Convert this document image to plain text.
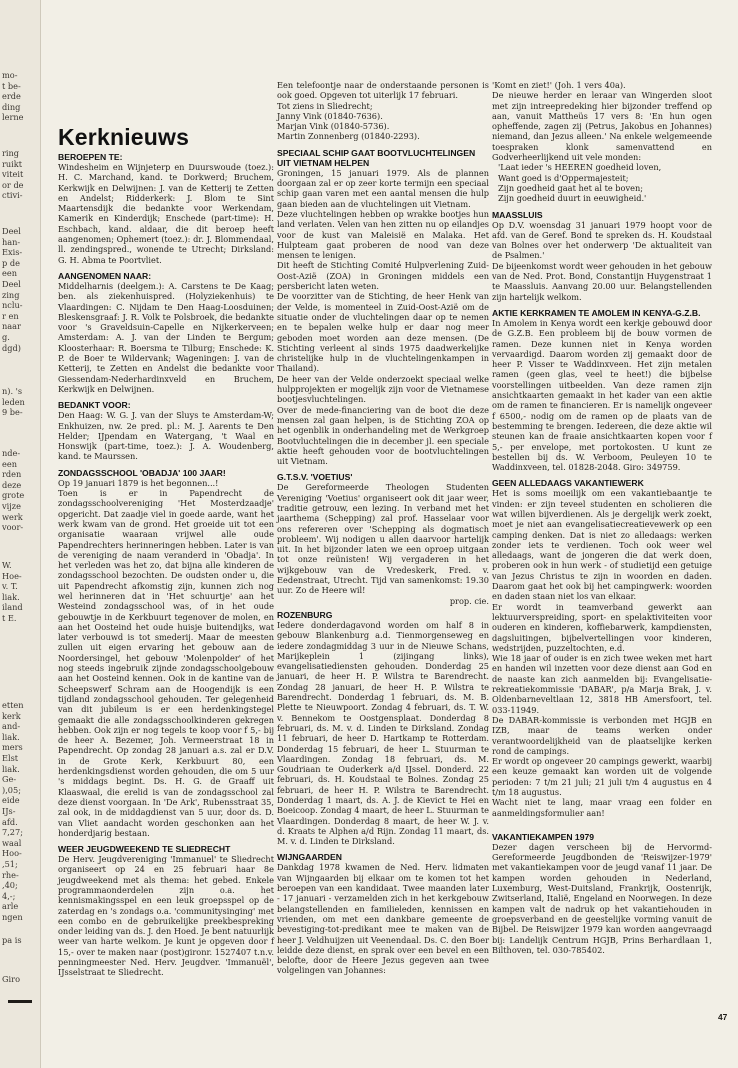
mo-
t be-
erde
ding
lerne
ring
ruikt
viteit
or de
ctivi-
Deel
han-
Exis-
p de
een
Deel
zing
nclu-
r en
naar
g.
dgd)
n). 's
leden
9 be-
nde-
een
rden
deze
grote
vijze
werk
voor-
W.
Hoe-
v. T.
liak.
iland
t E.
etten
kerk
and-
liak.
mers
Elst
liak.
Ge-
),05;
eide
IJs-
afd.
7,27;
waal
Hoo-
,51;
rhe-
,40;
4,-;
arle
ngen
pa is
Giro
Kerknieuws
BEROEPEN TE:

Windesheim en Wijnjeterp en Duurswoude (toez.): H. C. Marchand, kand. te Dorkwerd; Bruchem, Kerkwijk en Delwijnen: J. van de Ketterij te Zetten en Andelst; Ridderkerk: J. Blom te Sint Maartensdijk die bedankte voor Werkendam, Kamerik en Kinderdijk; Enschede (part-time): H. Eschbach, kand. aldaar, die dit beroep heeft aangenomen; Ophemert (toez.): dr. J. Blommendaal, ll. zendingspred., wonende te Utrecht; Dirksland: G. H. Abma te Poortvliet.

AANGENOMEN NAAR:

Middelharnis (deelgem.): A. Carstens te De Kaag; ben. als ziekenhuispred. (Holyziekenhuis) te Vlaardingen: C. Nijdam te Den Haag-Loosduinen; Bleskensgraaf: J. R. Volk te Polsbroek, die bedankte voor 's Graveldsuin-Capelle en Nijkerkerveen; Amsterdam: A. J. van der Linden te Bergum; Kloosterhaar: R. Boersma te Tilburg; Enschede: K. P. de Boer te Wildervank; Wageningen: J. van de Ketterij, te Zetten en Andelst die bedankte voor Giessendam-Nederhardinxveld en Bruchem, Kerkwijk en Delwijnen.

BEDANKT VOOR:

Den Haag: W. G. J. van der Sluys te Amsterdam-W; Enkhuizen, nw. 2e pred. pl.: M. J. Aarents te Den Helder; IJpendam en Watergang, 't Waal en Honswijk (part-time, toez.): J. A. Woudenberg, kand. te Maurssen.

ZONDAGSSCHOOL 'OBADJA' 100 JAAR!

Op 19 januari 1879 is het begonnen...!

Toen is er in Papendrecht de zondagsschoolvereniging 'Het Mosterdzaadje' opgericht. Dat zaadje viel in goede aarde, want het werk kwam van de grond. Het groeide uit tot een organisatie waaraan vrijwel alle oude Papendrechters herinneringen hebben. Later is van de vereniging de naam veranderd in 'Obadja'. In het verleden was het zo, dat bijna alle kinderen de zondagsschool bezochten. De oudsten onder u, die uit Papendrecht afkomstig zijn, kunnen zich nog wel herinneren dat in 'Het schuurtje' aan het Westeind zondagsschool was, of in het oude gebouwtje in de Kerkbuurt tegenover de molen, en aan het Oosteind het oude huisje buitendijks, wat later verbouwd is tot smederij. Maar de meesten zullen uit eigen ervaring het gebouw aan de Noordersingel, het gebouw 'Molenpolder' of het nog steeds ingebruik zijnde zondagsschoolgebouw aan het Oosteind kennen. Ook in de kantine van de Scheepswerf Schram aan de Hoogendijk is een tijdland zondagsschool gehouden. Ter gelegenheid van dit jubileum is er een herdenkingstegel gemaakt die alle zondagsschoolkinderen gekregen hebben. Ook zijn er nog tegels te koop voor f 5,- bij de heer A. Bezemer, Joh. Vermeerstraat 18 in Papendrecht. Op zondag 28 januari a.s. zal er D.V. in de Grote Kerk, Kerkbuurt 80, een herdenkingsdienst worden gehouden, die om 5 uur 's middags begint. Ds. H. G. de Graaff uit Klaaswaal, die erelid is van de zondagsschool zal deze dienst voorgaan. In 'De Ark', Rubensstraat 35, zal ook, in de middagdienst van 5 uur, door ds. D. van Vliet aandacht worden geschonken aan het honderdjarig bestaan.

WEER JEUGDWEEKEND TE SLIEDRECHT

De Herv. Jeugdvereniging 'Immanuel' te Sliedrecht organiseert op 24 en 25 februari haar 8e jeugdweekend met als thema: het gebed. Enkele programmaonderdelen zijn o.a. het kennismakingsspel en een leuk groepsspel op de zaterdag en 's zondags o.a. 'communitysinging' met een combo en de gebruikelijke preekbespreking onder leiding van ds. J. den Hoed. Je bent natuurlijk weer van harte welkom. Je kunt je opgeven door f 15,- over te maken naar (post)gironr. 1527407 t.n.v. penningmeester Ned. Herv. Jeugdver. 'Immanuël', IJsselstraat te Sliedrecht.

Een telefoontje naar de onderstaande personen is ook goed. Opgeven tot uiterlijk 17 februari.

Tot ziens in Sliedrecht;

Janny Vink (01840-7636).

Marjan Vink (01840-5736).

Martin Zonnenberg (01840-2293).

SPECIAAL SCHIP GAAT BOOTVLUCHTELINGEN UIT VIETNAM HELPEN

Groningen, 15 januari 1979. Als de plannen doorgaan zal er op zeer korte termijn een speciaal schip gaan varen met een aantal mensen die hulp gaan bieden aan de vluchtelingen uit Vietnam.

Deze vluchtelingen hebben op wrakke bootjes hun land verlaten. Velen van hen zitten nu op eilandjes voor de kust van Maleisië en Malaka. Het Hulpteam gaat proberen de nood van deze mensen te lenigen.

Dit heeft de Stichting Comité Hulpverlening Zuid-Oost-Azië (ZOA) in Groningen middels een persbericht laten weten.

De voorzitter van de Stichting, de heer Henk van der Velde, is momenteel in Zuid-Oost-Azië om de situatie onder de vluchtelingen daar op te nemen en te bepalen welke hulp er daar nog meer geboden moet worden aan deze mensen. (De Stichting verleent al sinds 1975 daadwerkelijke christelijke hulp in de vluchtelingenkampen in Thailand).

De heer van der Velde onderzoekt speciaal welke hulpprojekten er mogelijk zijn voor de Vietnamese bootjesvluchtelingen.

Over de mede-financiering van de boot die deze mensen zal gaan helpen, is de Stichting ZOA op het ogenblik in onderhandeling met de Werkgroep Bootvluchtelingen die in december jl. een speciale aktie heeft gehouden voor de bootvluchtelingen uit Vietnam.

G.T.S.V. 'VOETIUS'

De Gereformeerde Theologen Studenten Vereniging 'Voetius' organiseert ook dit jaar weer, traditie getrouw, een lezing. In verband met het jaarthema (Schepping) zal prof. Hasselaar voor ons refereren over 'Schepping als dogmatisch probleem'. Wij nodigen u allen daarvoor hartelijk uit. In het bijzonder laten we een oproep uitgaan tot onze reünisten! Wij vergaderen in het wijkgebouw van de Vredeskerk, Fred. v. Eedenstraat, Utrecht. Tijd van samenkomst: 19.30 uur. Zo de Heere wil!

prop. cie.

ROZENBURG

Iedere donderdagavond worden om half 8 in gebouw Blankenburg a.d. Tienmorgenseweg en iedere zondagmiddag 3 uur in de Nieuwe Schans, Marijkeplein 1 (zijingang links), evangelisatiediensten gehouden. Donderdag 25 januari, de heer H. P. Wilstra te Barendrecht. Zondag 28 januari, de heer H. P. Wilstra te Barendrecht. Donderdag 1 februari, ds. M. B. Plette te Nieuwpoort. Zondag 4 februari, ds. T. W. v. Bennekom te Oostgensplaat. Donderdag 8 februari, ds. M. v. d. Linden te Dirksland. Zondag 11 februari, de heer D. Hartkamp te Rotterdam. Donderdag 15 februari, de heer L. Stuurman te Vlaardingen. Zondag 18 februari, ds. M. Goudriaan te Ouderkerk a/d IJssel. Donderd. 22 februari, ds. H. Koudstaal te Bolnes. Zondag 25 februari, de heer H. P. Wilstra te Barendrecht. Donderdag 1 maart, ds. A. J. de Kievict te Hei en Boeicoop. Zondag 4 maart, de heer L. Stuurman te Vlaardingen. Donderdag 8 maart, de heer W. J. v. d. Kraats te Alphen a/d Rijn. Zondag 11 maart, ds. M. v. d. Linden te Dirksland.

WIJNGAARDEN

Dankdag 1978 kwamen de Ned. Herv. lidmaten van Wijngaarden bij elkaar om te komen tot het beroepen van een kandidaat. Twee maanden later - 17 januari - verzamelden zich in het kerkgebouw belangstellenden en familieleden, kennissen en vrienden, om met een dankbare gemeente de bevestiging-tot-predikant mee te maken van de heer J. Veldhuijzen uit Veenendaal. Ds. C. den Boer leidde deze dienst, en sprak over een bevel en een belofte, door de Heere Jezus gegeven aan twee volgelingen van Johannes:

'Komt en ziet!' (Joh. 1 vers 40a).

De nieuwe herder en leraar van Wingerden sloot met zijn intreepredeking hier bijzonder treffend op aan, vanuit Mattheüs 17 vers 8: 'En hun ogen opheffende, zagen zij (Petrus, Jakobus en Johannes) niemand, dan Jezus alleen.' Na enkele welgemeende toespraken klonk samenvattend en Godverheerlijkend uit vele monden:

'Laat ieder 's HEEREN goedheid loven,

Want goed is d'Oppermajesteit;

Zijn goedheid gaat het al te boven;

Zijn goedheid duurt in eeuwigheid.'

MAASSLUIS

Op D.V. woensdag 31 januari 1979 hoopt voor de afd. van de Geref. Bond te spreken ds. H. Koudstaal van Bolnes over het onderwerp 'De aktualiteit van de Psalmen.'

De bijeenkomst wordt weer gehouden in het gebouw van de Ned. Prot. Bond, Constantijn Huygenstraat 1 te Maassluis. Aanvang 20.00 uur. Belangstellenden zijn hartelijk welkom.

AKTIE KERKRAMEN TE AMOLEM IN KENYA-G.Z.B.

In Amolem in Kenya wordt een kerkje gebouwd door de G.Z.B. Een probleem bij de bouw vormen de ramen. Deze kunnen niet in Kenya worden vervaardigd. Daarom worden zij gemaakt door de heer P. Visser te Waddinxveen. Het zijn metalen ramen (geen glas, veel te heet!) die bijbelse voorstellingen uitbeelden. Van deze ramen zijn ansichtkaarten gemaakt in het kader van een aktie om de ramen te financieren. Er is namelijk ongeveer f 6500,- nodig om de ramen op de plaats van de bestemming te brengen. Iedereen, die deze aktie wil steunen kan de fraaie ansichtkaarten kopen voor f 5,- per envelope, met portokosten. U kunt ze bestellen bij ds. W. Verboom, Peuleyen 10 te Waddinxveen, tel. 01828-2048. Giro: 349759.

GEEN ALLEDAAGS VAKANTIEWERK

Het is soms moeilijk om een vakantiebaantje te vinden: er zijn teveel studenten en scholieren die wat willen bijverdienen. Als je dergelijk werk zoekt, moet je niet aan evangelisatiecreatievewerk op een camping denken. Dat is niet zo alledaags: werken zonder iets te verdienen. Toch ook weer wel alledaags, want de jongeren die dat werk doen, proberen ook in hun werk - of studietijd een getuige van Jezus Christus te zijn in woorden en daden. Daarom gaat het ook bij het campingwerk: woorden en daden staan niet los van elkaar.

Er wordt in teamverband gewerkt aan lektuurverspreiding, sport- en spelaktiviteiten voor ouderen en kinderen, koffiebarwerk, kampdiensten, dagsluitingen, bijbelvertellingen voor kinderen, wedstrijden, puzzeltochten, e.d.

Wie 18 jaar of ouder is en zich twee weken met hart en handen wil inzetten voor deze dienst aan God en de naaste kan zich aanmelden bij: Evangelisatie-rekreatiekommissie 'DABAR', p/a Marja Brak, J. v. Oldenbarneveltlaan 12, 3818 HB Amersfoort, tel. 033-11949.

De DABAR-kommissie is verbonden met HGJB en IZB, maar de teams werken onder verantwoordelijkheid van de plaatselijke kerken rond de campings.

Er wordt op ongeveer 20 campings gewerkt, waarbij een keuze gemaakt kan worden uit de volgende perioden: 7 t/m 21 juli; 21 juli t/m 4 augustus en 4 t/m 18 augustus.

Wacht niet te lang, maar vraag een folder en aanmeldingsformulier aan!

VAKANTIEKAMPEN 1979

Dezer dagen verscheen bij de Hervormd-Gereformeerde Jeugdbonden de 'Reiswijzer-1979' met vakantiekampen voor de jeugd vanaf 11 jaar. De kampen worden gehouden in Nederland, Luxemburg, West-Duitsland, Frankrijk, Oostenrijk, Zwitserland, Italië, Engeland en Noorwegen. In deze kampen valt de nadruk op het vakantiehouden in groepsverband en de geestelijke vorming vanuit de Bijbel. De Reiswijzer 1979 kan worden aangevraagd bij: Landelijk Centrum HGJB, Prins Berhardlaan 1, Bilthoven, tel. 030-785402.

47
